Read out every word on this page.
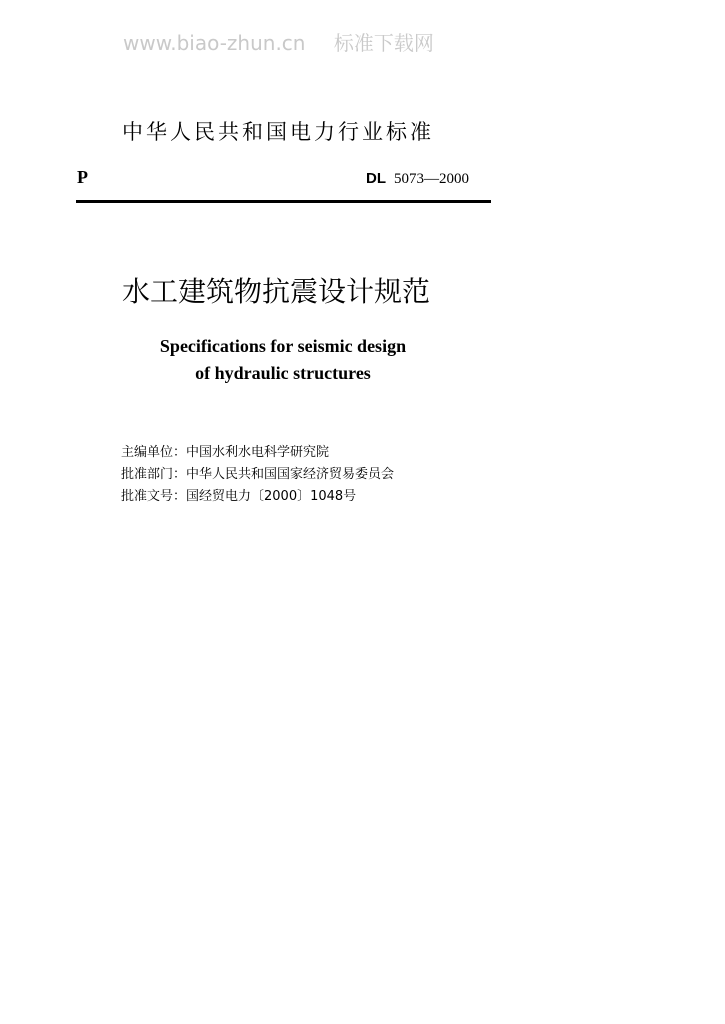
www.biao-zhun.cn 标准下载网
中华人民共和国电力行业标准
P	DL 5073—2000
水工建筑物抗震设计规范
Specifications for seismic design
of hydraulic structures
主编单位：中国水利水电科学研究院
批准部门：中华人民共和国国家经济贸易委员会
批准文号：国经贸电力〔2000〕1048号
